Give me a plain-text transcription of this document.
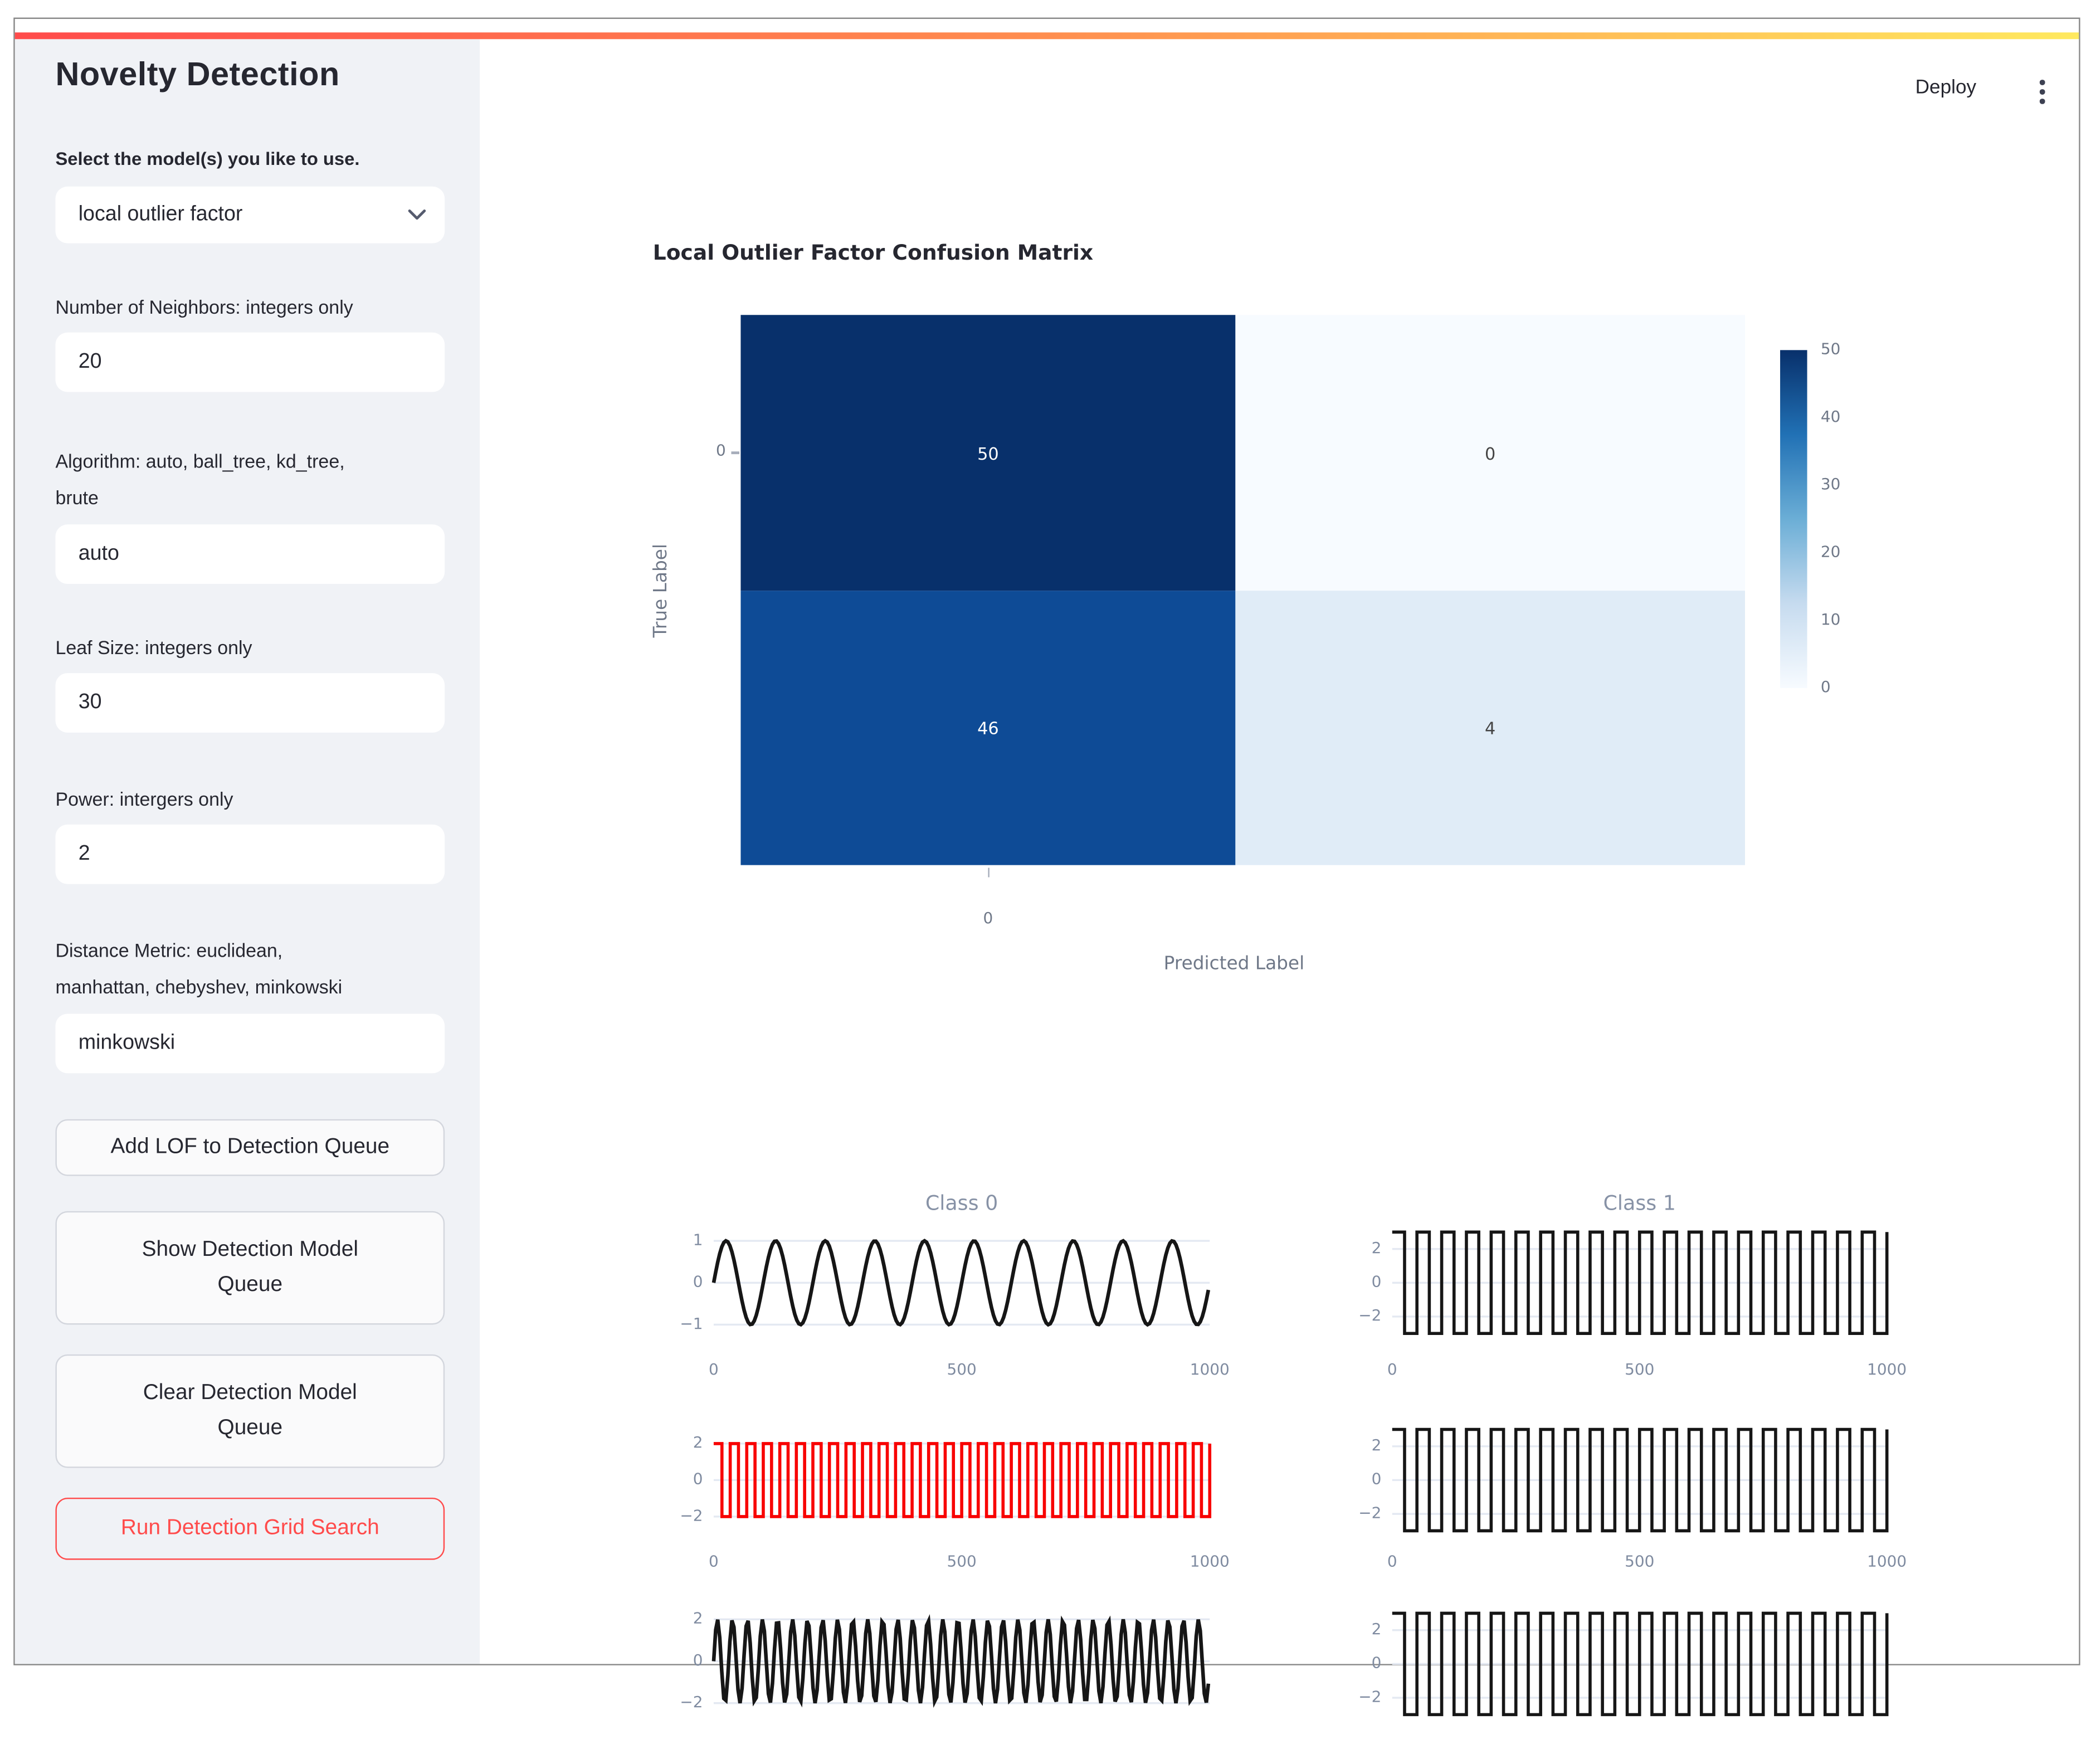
Novelty Detection
Select the model(s) you like to use.
local outlier factor
Number of Neighbors: integers only
20
Algorithm: auto, ball_tree, kd_tree, brute
auto
Leaf Size: integers only
30
Power: intergers only
2
Distance Metric: euclidean, manhattan, chebyshev, minkowski
minkowski
Add LOF to Detection Queue
Show Detection Model Queue
Clear Detection Model Queue
Run Detection Grid Search
Deploy
Local Outlier Factor Confusion Matrix
50	0
46	4
0
True Label
0
Predicted Label
50
40
30
20
10
0
1
0
−1
0	500	1000
Class 0
2
0
−2
0	500	1000
Class 1
2
0
−2
0	500	1000
2
0
−2
0	500	1000
2
0
−2
2
0
−2
